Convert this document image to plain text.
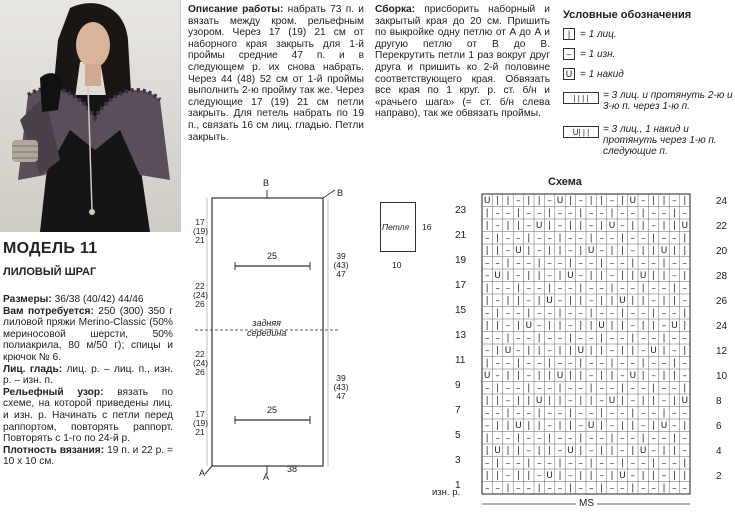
МОДЕЛЬ 11
ЛИЛОВЫЙ ШРАГ
Размеры: 36/38 (40/42) 44/46
Вам потребуется: 250 (300) 350 г лиловой пряжи Merino-Classic (50% мериносовой шерсти, 50% полиакрила, 80 м/50 г); спицы и крючок № 6.
Лиц. гладь: лиц. р. – лиц. п., изн. р. – изн. п.
Рельефный узор: вязать по схеме, на которой приведены лиц. и изн. р. Начинать с петли перед раппортом, повторять раппорт. Повторять с 1-го по 24-й р.
Плотность вязания: 19 п. и 22 р. = 10 x 10 см.
Описание работы: набрать 73 п. и вязать между кром. рельефным узором. Через 17 (19) 21 см от наборного края закрыть для 1-й проймы средние 47 п. и в следующем р. их снова набрать. Через 44 (48) 52 см от 1-й проймы выполнить 2-ю пройму так же. Через следующие 17 (19) 21 см петли закрыть. Для петель набрать по 19 п., связать 16 см лиц. гладью. Петли закрыть.
Сборка: присборить наборный и закрытый края до 20 см. Пришить по выкройке одну петлю от A до A и другую петлю от B до B. Перекрутить петли 1 раз вокруг друг друга и пришить ко 2-й половине соответствующего края. Обвязать все края по 1 круг. р. ст. б/н и «рачьего шага» (= ст. б/н слева направо), так же обвязать проймы.
Условные обозначения
| = 1 лиц.
– = 1 изн.
U = 1 накид
| | | |	= 3 лиц. и протянуть 2-ю и 3-ю п. через 1-ю п.
U| | |	= 3 лиц., 1 накид и протянуть через 1-ю п. следующие п.
B
B
A	A
17
(19)
21
22
(24)
26
22
(24)
26
17
(19)
21
39
(43)
47
39
(43)
47
25
25
задняя
середина
38
Петля 16
10
Схема
U | | – | | – U | – | | – | U – | | – |
| – – | – – | – – | – – | – – | – – | –
| – | | – U | – | | – | U – | | – | | U
– | – – | – – | – – | – – | – – | – – |
| | – U | – | | – | U – | | – | | U | |
– – | – – | – – | – – | – – | – – | – –
– U | – | | – | U – | | – | | U | | – |
| – – | – – | – – | – – | – – | – – | –
| – | | – | U – | | – | | U | | – | | –
– | – – | – – | – – | – – | – – | – – |
| | – | U – | | – | | U | | – | | – U |
– – | – – | – – | – – | – – | – – | – –
– | U – | | – | | U | | – | | – U | – |
| – – | – – | – – | – – | – – | – – | –
U – | | – | | U | | – | | – U | – | | –
– | – – | – – | – – | – – | – – | – – |
| | – | | U | | – | | – U | – | | – | U
– – | – – | – – | – – | – – | – – | – –
– | | U | | – | | – U | – | | – | U – |
| – – | – – | – – | – – | – – | – – | –
| U | | – | | – U | – | | – | U – | | –
– | – – | – – | – – | – – | – – | – – |
| | – | | – U | – | | – | U – | | – | |
– – | – – | – – | – – | – – | – – | – –
23
21
19
17
15
13
11
9
7
5
3
1
24
22
20
28
26
24
12
10
8
6
4
2
изн. р.
MS
